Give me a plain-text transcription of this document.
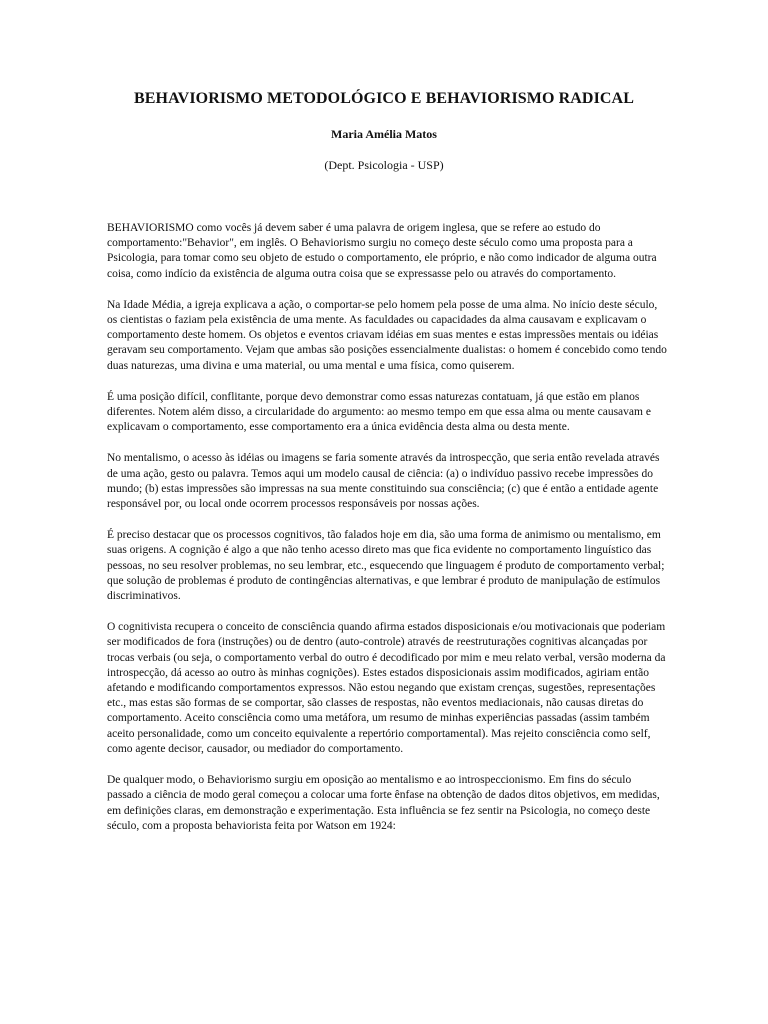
BEHAVIORISMO METODOLÓGICO E BEHAVIORISMO RADICAL

Maria Amélia Matos

(Dept. Psicologia - USP)

BEHAVIORISMO como vocês já devem saber é uma palavra de origem inglesa, que se refere ao estudo do comportamento:"Behavior", em inglês. O Behaviorismo surgiu no começo deste século como uma proposta para a Psicologia, para tomar como seu objeto de estudo o comportamento, ele próprio, e não como indicador de alguma outra coisa, como indício da existência de alguma outra coisa que se expressasse pelo ou através do comportamento.

Na Idade Média, a igreja explicava a ação, o comportar-se pelo homem pela posse de uma alma. No início deste século, os cientistas o faziam pela existência de uma mente. As faculdades ou capacidades da alma causavam e explicavam o comportamento deste homem. Os objetos e eventos criavam idéias em suas mentes e estas impressões mentais ou idéias geravam seu comportamento. Vejam que ambas são posições essencialmente dualistas: o homem é concebido como tendo duas naturezas, uma divina e uma material, ou uma mental e uma física, como quiserem.

É uma posição difícil, conflitante, porque devo demonstrar como essas naturezas contatuam, já que estão em planos diferentes. Notem além disso, a circularidade do argumento: ao mesmo tempo em que essa alma ou mente causavam e explicavam o comportamento, esse comportamento era a única evidência desta alma ou desta mente.

No mentalismo, o acesso às idéias ou imagens se faria somente através da introspecção, que seria então revelada através de uma ação, gesto ou palavra. Temos aqui um modelo causal de ciência: (a) o indivíduo passivo recebe impressões do mundo; (b) estas impressões são impressas na sua mente constituindo sua consciência; (c) que é então a entidade agente responsável por, ou local onde ocorrem processos responsáveis por nossas ações.

É preciso destacar que os processos cognitivos, tão falados hoje em dia, são uma forma de animismo ou mentalismo, em suas origens. A cognição é algo a que não tenho acesso direto mas que fica evidente no comportamento linguístico das pessoas, no seu resolver problemas, no seu lembrar, etc., esquecendo que linguagem é produto de comportamento verbal; que solução de problemas é produto de contingências alternativas, e que lembrar é produto de manipulação de estímulos discriminativos.

O cognitivista recupera o conceito de consciência quando afirma estados disposicionais e/ou motivacionais que poderiam ser modificados de fora (instruções) ou de dentro (auto-controle) através de reestruturações cognitivas alcançadas por trocas verbais (ou seja, o comportamento verbal do outro é decodificado por mim e meu relato verbal, versão moderna da introspecção, dá acesso ao outro às minhas cognições). Estes estados disposicionais assim modificados, agiriam então afetando e modificando comportamentos expressos. Não estou negando que existam crenças, sugestões, representações etc., mas estas são formas de se comportar, são classes de respostas, não eventos mediacionais, não causas diretas do comportamento. Aceito consciência como uma metáfora, um resumo de minhas experiências passadas (assim também aceito personalidade, como um conceito equivalente a repertório comportamental). Mas rejeito consciência como self, como agente decisor, causador, ou mediador do comportamento.

De qualquer modo, o Behaviorismo surgiu em oposição ao mentalismo e ao introspeccionismo. Em fins do século passado a ciência de modo geral começou a colocar uma forte ênfase na obtenção de dados ditos objetivos, em medidas, em definições claras, em demonstração e experimentação. Esta influência se fez sentir na Psicologia, no começo deste século, com a proposta behaviorista feita por Watson em 1924:
